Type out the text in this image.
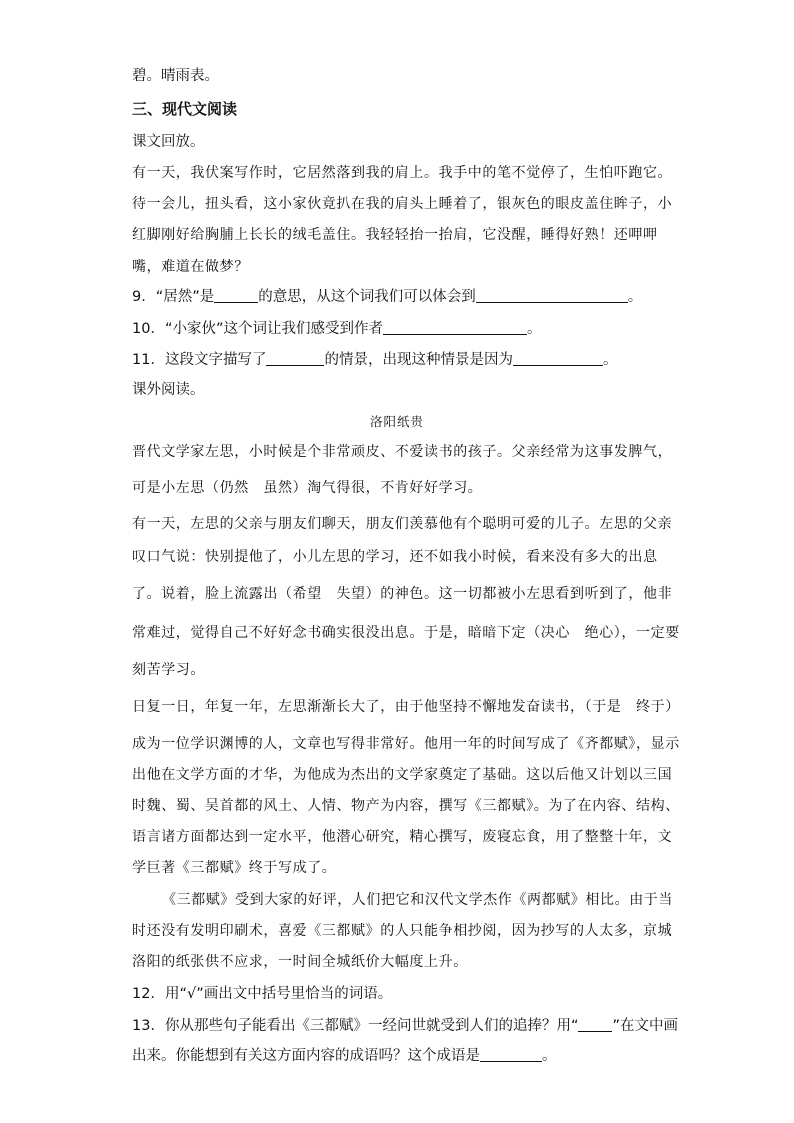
碧。晴雨表。
三、现代文阅读
课文回放。
有一天，我伏案写作时，它居然落到我的肩上。我手中的笔不觉停了，生怕吓跑它。
待一会儿，扭头看，这小家伙竟扒在我的肩头上睡着了，银灰色的眼皮盖住眸子，小
红脚刚好给胸脯上长长的绒毛盖住。我轻轻抬一抬肩，它没醒，睡得好熟！还呷呷
嘴，难道在做梦？
9．“居然”是	的意思，从这个词我们可以体会到	。
10．“小家伙”这个词让我们感受到作者	。
11．这段文字描写了	的情景，出现这种情景是因为	。
课外阅读。
洛阳纸贵
晋代文学家左思，小时候是个非常顽皮、不爱读书的孩子。父亲经常为这事发脾气，
可是小左思（仍然　虽然）淘气得很，不肯好好学习。
有一天，左思的父亲与朋友们聊天，朋友们羡慕他有个聪明可爱的儿子。左思的父亲
叹口气说：快别提他了，小儿左思的学习，还不如我小时候，看来没有多大的出息
了。说着，脸上流露出（希望　失望）的神色。这一切都被小左思看到听到了，他非
常难过，觉得自己不好好念书确实很没出息。于是，暗暗下定（决心　绝心），一定要
刻苦学习。
日复一日，年复一年，左思渐渐长大了，由于他坚持不懈地发奋读书，（于是　终于）
成为一位学识渊博的人，文章也写得非常好。他用一年的时间写成了《齐都赋》，显示
出他在文学方面的才华，为他成为杰出的文学家奠定了基础。这以后他又计划以三国
时魏、蜀、吴首都的风土、人情、物产为内容，撰写《三都赋》。为了在内容、结构、
语言诸方面都达到一定水平，他潜心研究，精心撰写，废寝忘食，用了整整十年，文
学巨著《三都赋》终于写成了。
《三都赋》受到大家的好评，人们把它和汉代文学杰作《两都赋》相比。由于当
时还没有发明印刷术，喜爱《三都赋》的人只能争相抄阅，因为抄写的人太多，京城
洛阳的纸张供不应求，一时间全城纸价大幅度上升。
12．用“√”画出文中括号里恰当的词语。
13．你从那些句子能看出《三都赋》一经问世就受到人们的追捧？用“ ”在文中画
出来。你能想到有关这方面内容的成语吗？这个成语是	。
